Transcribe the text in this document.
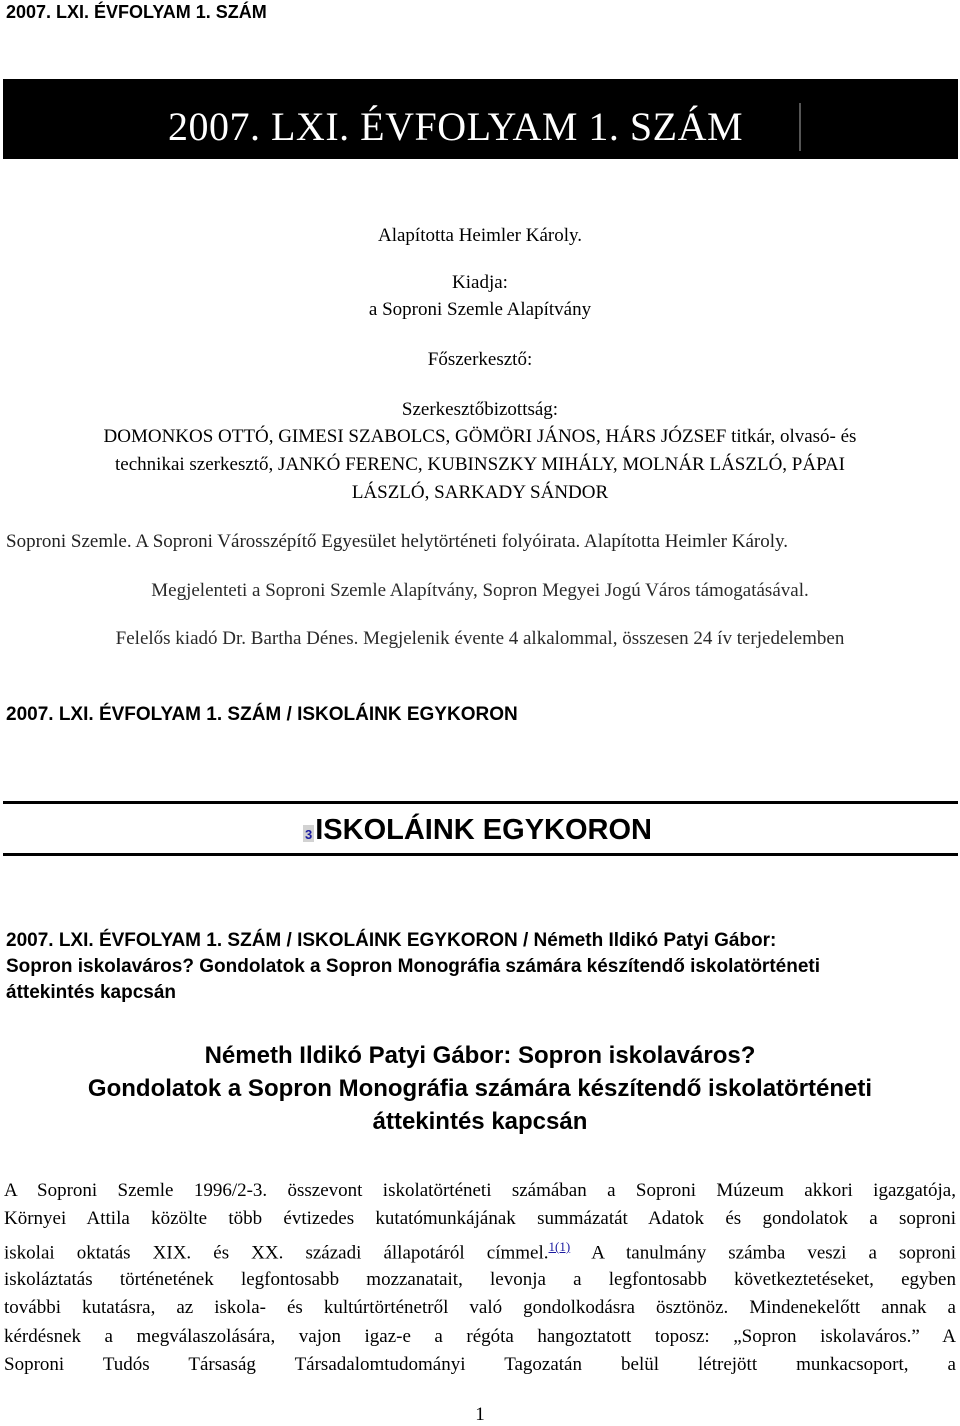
2007. LXI. ÉVFOLYAM 1. SZÁM
2007. LXI. ÉVFOLYAM 1. SZÁM
Alapította Heimler Károly.
Kiadja:
a Soproni Szemle Alapítvány
Főszerkesztő:
Szerkesztőbizottság:
DOMONKOS OTTÓ, GIMESI SZABOLCS, GÖMÖRI JÁNOS, HÁRS JÓZSEF titkár, olvasó- és
technikai szerkesztő, JANKÓ FERENC, KUBINSZKY MIHÁLY, MOLNÁR LÁSZLÓ, PÁPAI
LÁSZLÓ, SARKADY SÁNDOR
Soproni Szemle. A Soproni Városszépítő Egyesület helytörténeti folyóirata. Alapította Heimler Károly.
Megjelenteti a Soproni Szemle Alapítvány, Sopron Megyei Jogú Város támogatásával.
Felelős kiadó Dr. Bartha Dénes. Megjelenik évente 4 alkalommal, összesen 24 ív terjedelemben
2007. LXI. ÉVFOLYAM 1. SZÁM / ISKOLÁINK EGYKORON
3 ISKOLÁINK EGYKORON
2007. LXI. ÉVFOLYAM 1. SZÁM / ISKOLÁINK EGYKORON / Németh Ildikó Patyi Gábor:
Sopron iskolaváros? Gondolatok a Sopron Monográfia számára készítendő iskolatörténeti
áttekintés kapcsán
Németh Ildikó Patyi Gábor: Sopron iskolaváros?
Gondolatok a Sopron Monográfia számára készítendő iskolatörténeti
áttekintés kapcsán
A Soproni Szemle 1996/2-3. összevont iskolatörténeti számában a Soproni Múzeum akkori igazgatója,
Környei Attila közölte több évtizedes kutatómunkájának summázatát Adatok és gondolatok a soproni
iskolai oktatás XIX. és XX. századi állapotáról címmel.$^{1(1)}$ A tanulmány számba veszi a soproni
iskoláztatás történetének legfontosabb mozzanatait, levonja a legfontosabb következtetéseket, egyben
további kutatásra, az iskola- és kultúrtörténetről való gondolkodásra ösztönöz. Mindenekelőtt annak a
kérdésnek a megválaszolására, vajon igaz-e a régóta hangoztatott toposz: „Sopron iskolaváros.” A
Soproni Tudós Társaság Társadalomtudományi Tagozatán belül létrejött munkacsoport, a
1
